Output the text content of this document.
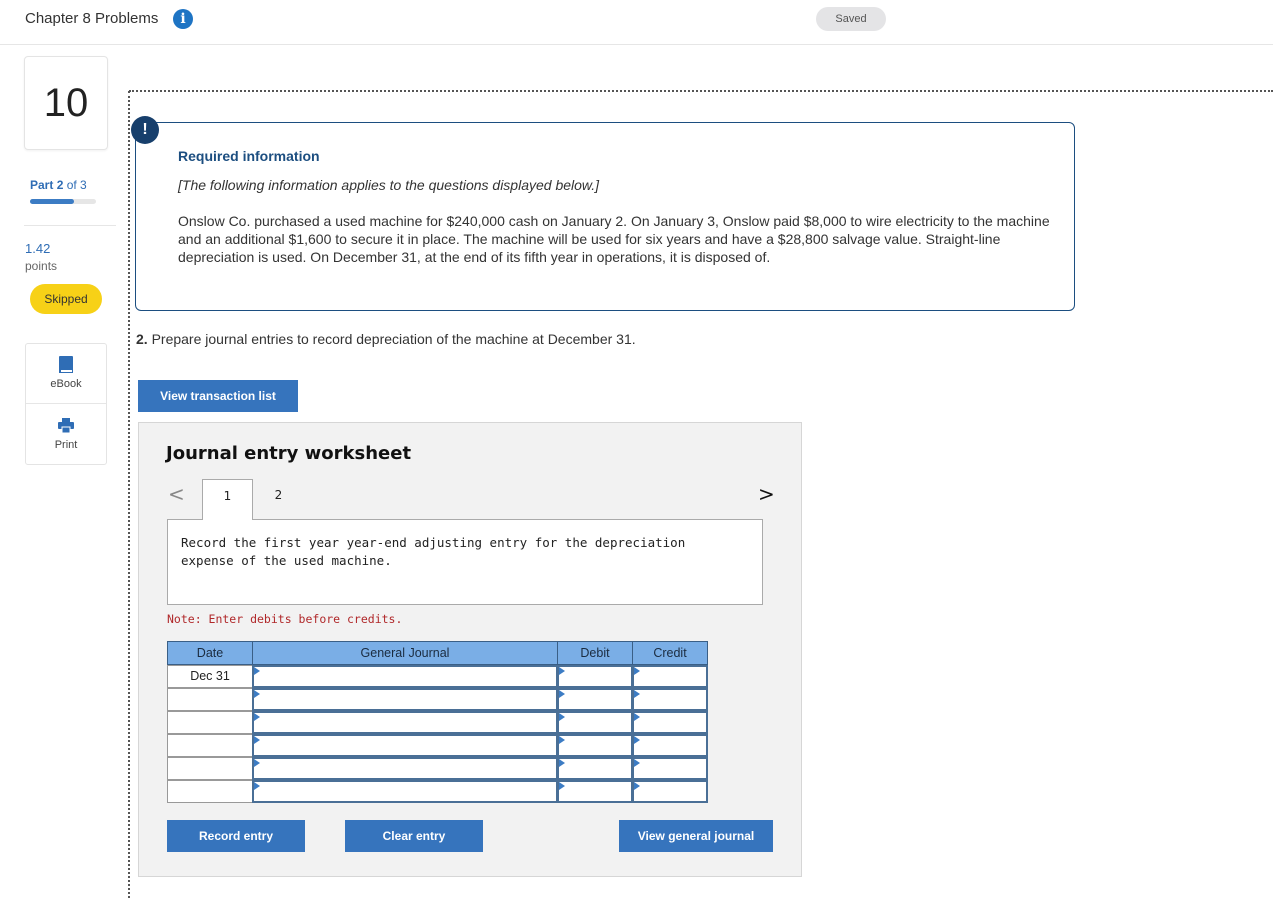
Chapter 8 Problems	i	Saved
10
Part 2 of 3
1.42
points
Skipped
eBook
Print
!
Required information
[The following information applies to the questions displayed below.]
Onslow Co. purchased a used machine for $240,000 cash on January 2. On January 3, Onslow paid $8,000 to wire electricity to the machine and an additional $1,600 to secure it in place. The machine will be used for six years and have a $28,800 salvage value. Straight-line depreciation is used. On December 31, at the end of its fifth year in operations, it is disposed of.
2. Prepare journal entries to record depreciation of the machine at December 31.
View transaction list
Journal entry worksheet
<	>
1	2
Record the first year year-end adjusting entry for the depreciation expense of the used machine.
Note: Enter debits before credits.
Date	General Journal	Debit	Credit
Dec 31
Record entry	Clear entry	View general journal
